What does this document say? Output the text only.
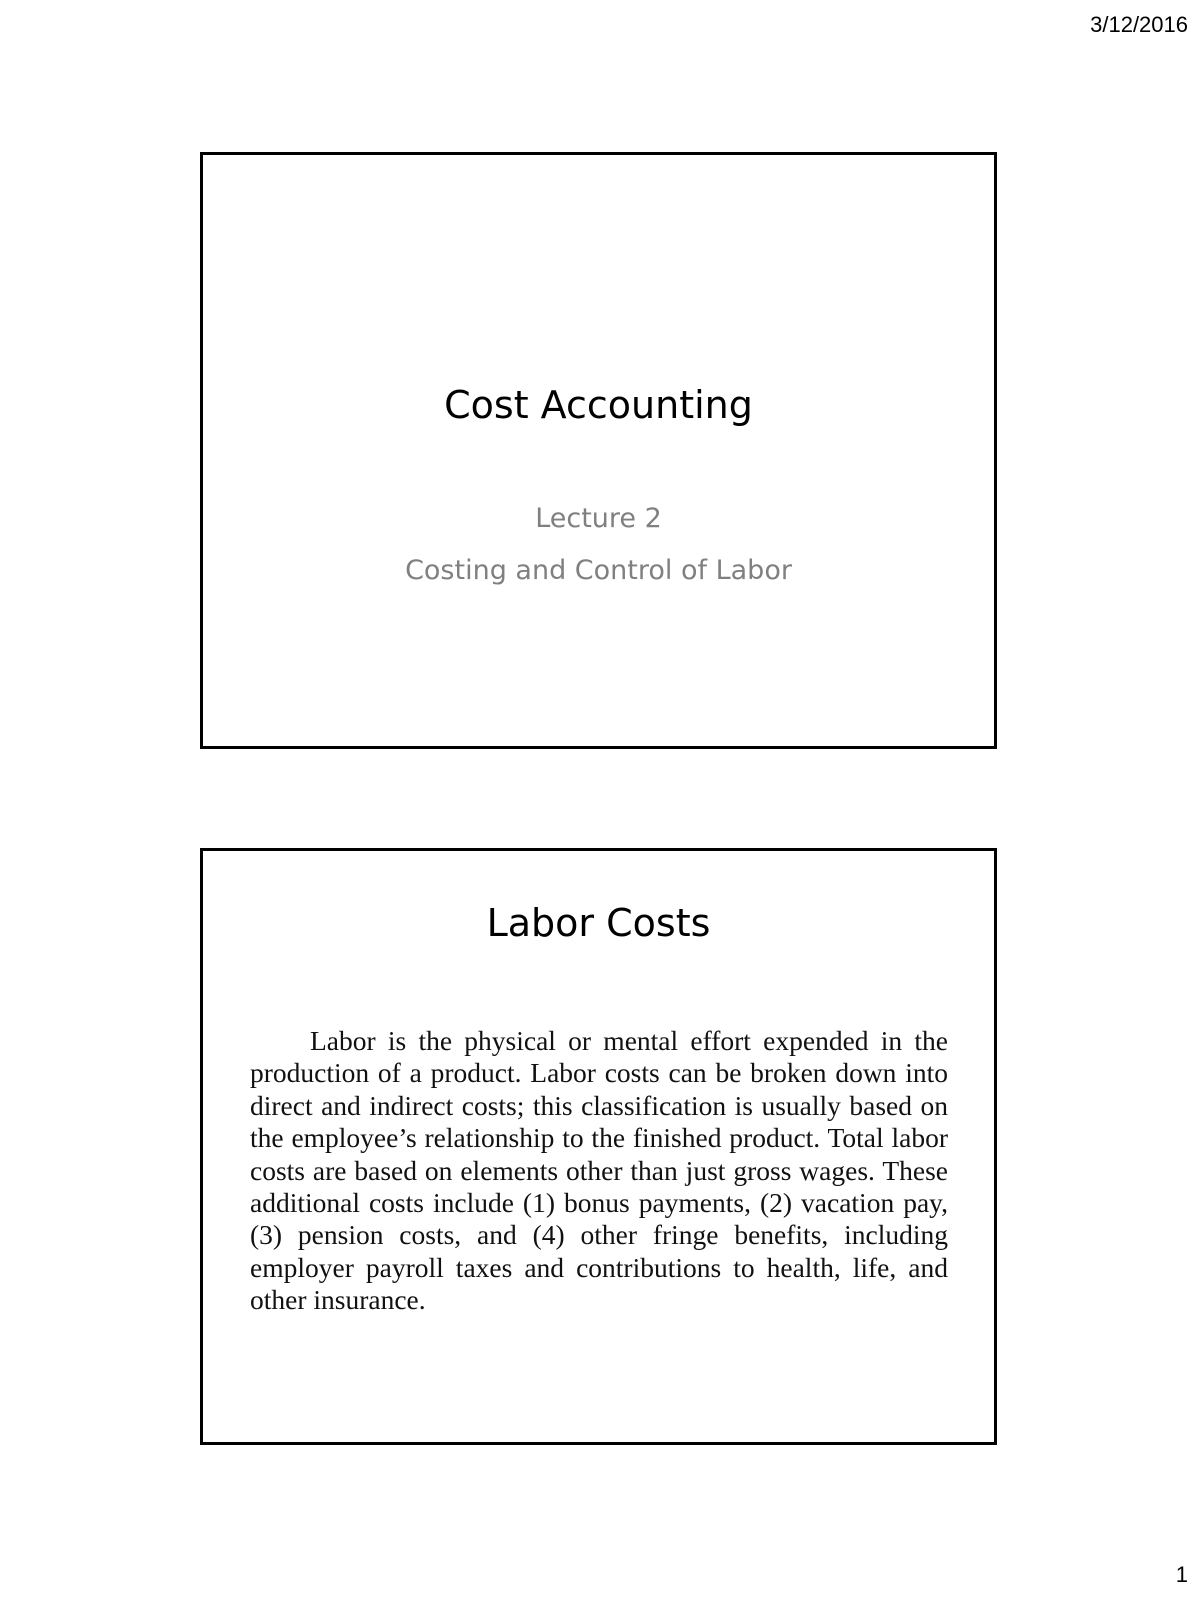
3/12/2016
Cost Accounting
Lecture 2
Costing and Control of Labor
Labor Costs
Labor is the physical or mental effort expended in the production of a product. Labor costs can be broken down into direct and indirect costs; this classification is usually based on the employee’s relationship to the finished product. Total labor costs are based on elements other than just gross wages. These additional costs include (1) bonus payments, (2) vacation pay, (3) pension costs, and (4) other fringe benefits, including employer payroll taxes and contributions to health, life, and other insurance.
1
